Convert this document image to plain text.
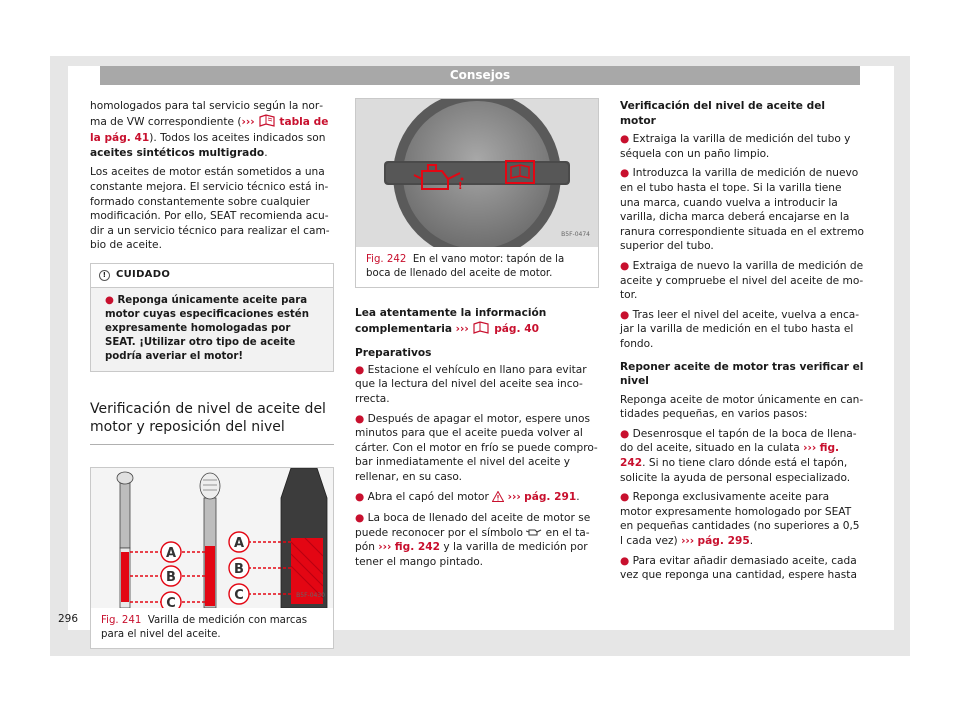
Consejos

homologados para tal servicio según la norma de VW correspondiente (››› tabla de la pág. 41). Todos los aceites indicados son aceites sintéticos multigrado.

Los aceites de motor están sometidos a una constante mejora. El servicio técnico está informado constantemente sobre cualquier modificación. Por ello, SEAT recomienda acudir a un servicio técnico para realizar el cambio de aceite.

! CUIDADO
● Reponga únicamente aceite para motor cuyas especificaciones estén expresamente homologadas por SEAT. ¡Utilizar otro tipo de aceite podría averiar el motor!
Verificación de nivel de aceite del motor y reposición del nivel
A
B
C
A
B
C	B5F-0430
Fig. 241 Varilla de medición con marcas para el nivel del aceite.
!
B5F-0474
Fig. 242 En el vano motor: tapón de la boca de llenado del aceite de motor.

Lea atentamente la información complementaria ››› pág. 40

Preparativos

● Estacione el vehículo en llano para evitar que la lectura del nivel del aceite sea incorrecta.

● Después de apagar el motor, espere unos minutos para que el aceite pueda volver al cárter. Con el motor en frío se puede comprobar inmediatamente el nivel del aceite y rellenar, en su caso.

● Abra el capó del motor  ››› pág. 291.

● La boca de llenado del aceite de motor se puede reconocer por el símbolo  en el tapón ››› fig. 242 y la varilla de medición por tener el mango pintado.

Verificación del nivel de aceite del motor

● Extraiga la varilla de medición del tubo y séquela con un paño limpio.

● Introduzca la varilla de medición de nuevo en el tubo hasta el tope. Si la varilla tiene una marca, cuando vuelva a introducir la varilla, dicha marca deberá encajarse en la ranura correspondiente situada en el extremo superior del tubo.

● Extraiga de nuevo la varilla de medición de aceite y compruebe el nivel del aceite de motor.

● Tras leer el nivel del aceite, vuelva a encajar la varilla de medición en el tubo hasta el fondo.

Reponer aceite de motor tras verificar el nivel

Reponga aceite de motor únicamente en cantidades pequeñas, en varios pasos:

● Desenrosque el tapón de la boca de llenado del aceite, situado en la culata ››› fig. 242. Si no tiene claro dónde está el tapón, solicite la ayuda de personal especializado.

● Reponga exclusivamente aceite para motor expresamente homologado por SEAT en pequeñas cantidades (no superiores a 0,5 l cada vez) ››› pág. 295.

● Para evitar añadir demasiado aceite, cada vez que reponga una cantidad, espere hasta

296
